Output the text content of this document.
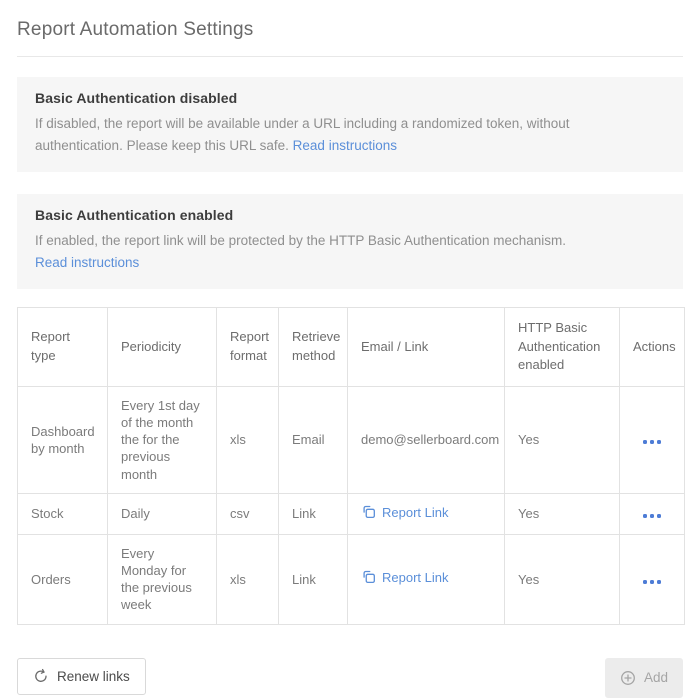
Report Automation Settings
Basic Authentication disabled

If disabled, the report will be available under a URL including a randomized token, without authentication. Please keep this URL safe. Read instructions

Basic Authentication enabled

If enabled, the report link will be protected by the HTTP Basic Authentication mechanism.

Read instructions

Report type	Periodicity	Report format	Retrieve method	Email / Link	HTTP Basic Authentication enabled	Actions
Dashboard by month	Every 1st day of the month the for the previous month	xls	Email	demo@sellerboard.com	Yes	

Stock	Daily	csv	Link	Report Link	Yes	

Orders	Every Monday for the previous week	xls	Link	Report Link	Yes	
Renew links	Add
